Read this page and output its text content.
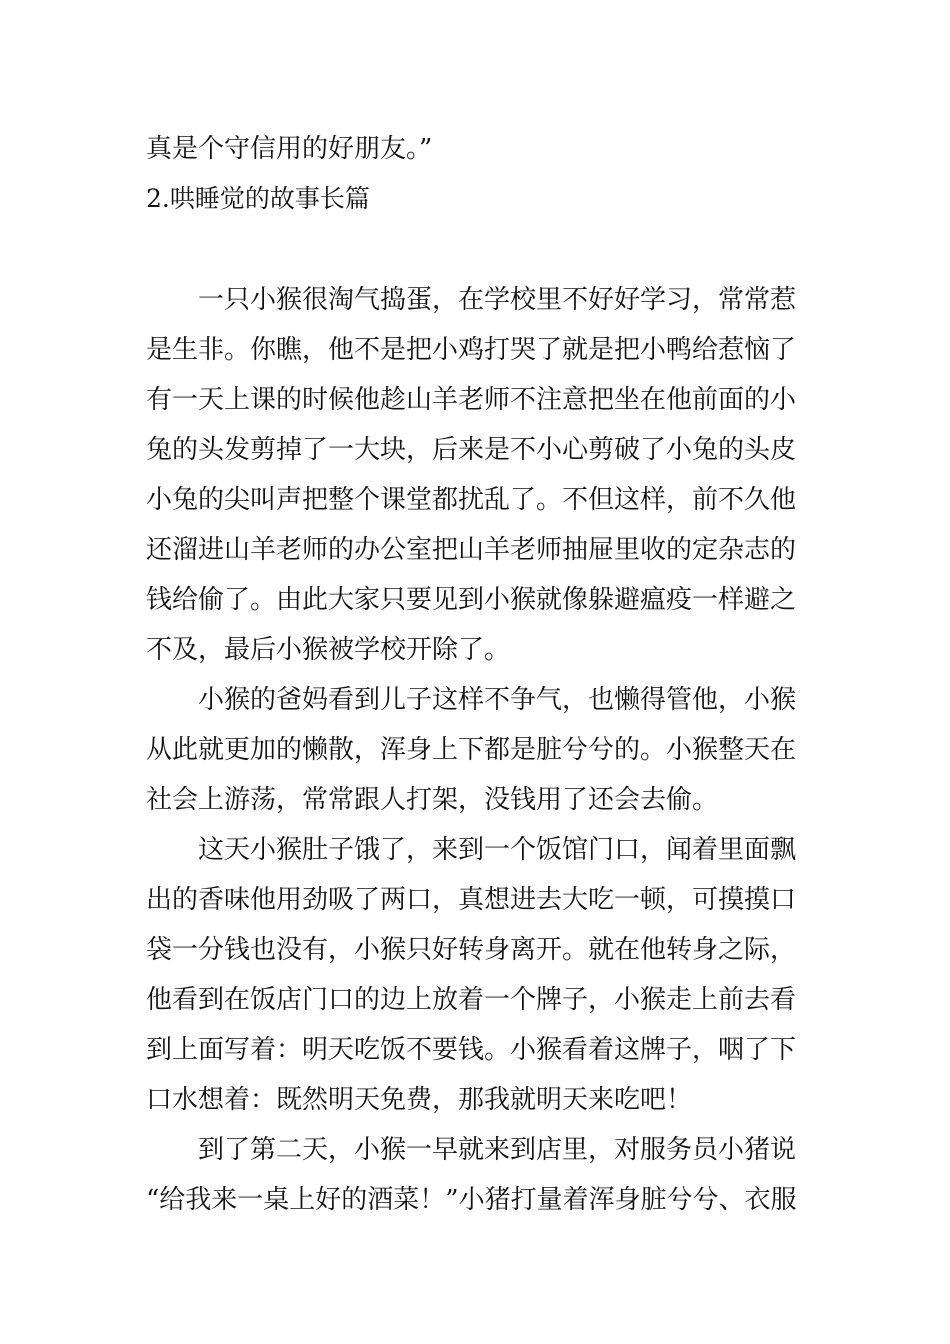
真是个守信用的好朋友。”
2.哄睡觉的故事长篇
一只小猴很淘气捣蛋，在学校里不好好学习，常常惹
是生非。你瞧，他不是把小鸡打哭了就是把小鸭给惹恼了
有一天上课的时候他趁山羊老师不注意把坐在他前面的小
兔的头发剪掉了一大块，后来是不小心剪破了小兔的头皮
小兔的尖叫声把整个课堂都扰乱了。不但这样，前不久他
还溜进山羊老师的办公室把山羊老师抽屉里收的定杂志的
钱给偷了。由此大家只要见到小猴就像躲避瘟疫一样避之
不及，最后小猴被学校开除了。
小猴的爸妈看到儿子这样不争气，也懒得管他，小猴
从此就更加的懒散，浑身上下都是脏兮兮的。小猴整天在
社会上游荡，常常跟人打架，没钱用了还会去偷。
这天小猴肚子饿了，来到一个饭馆门口，闻着里面飘
出的香味他用劲吸了两口，真想进去大吃一顿，可摸摸口
袋一分钱也没有，小猴只好转身离开。就在他转身之际，
他看到在饭店门口的边上放着一个牌子，小猴走上前去看
到上面写着：明天吃饭不要钱。小猴看着这牌子，咽了下
口水想着：既然明天免费，那我就明天来吃吧！
到了第二天，小猴一早就来到店里，对服务员小猪说
“给我来一桌上好的酒菜！”小猪打量着浑身脏兮兮、衣服
